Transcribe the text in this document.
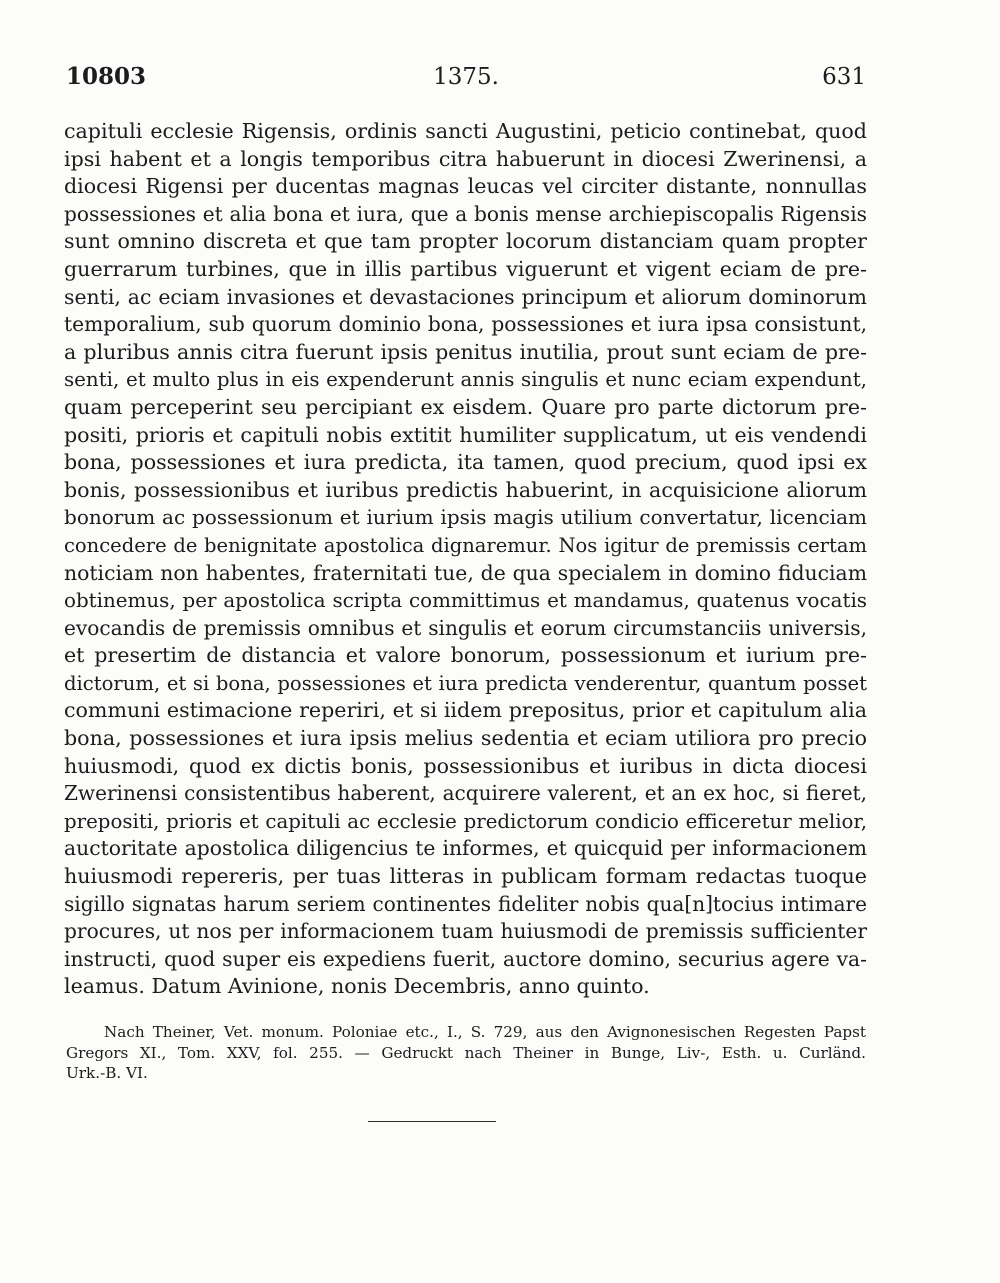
10803	1375.	631
capituli ecclesie Rigensis, ordinis sancti Augustini, peticio continebat, quod
ipsi habent et a longis temporibus citra habuerunt in diocesi Zwerinensi, a
diocesi Rigensi per ducentas magnas leucas vel circiter distante, nonnullas
possessiones et alia bona et iura, que a bonis mense archiepiscopalis Rigensis
sunt omnino discreta et que tam propter locorum distanciam quam propter
guerrarum turbines, que in illis partibus viguerunt et vigent eciam de pre-
senti, ac eciam invasiones et devastaciones principum et aliorum dominorum
temporalium, sub quorum dominio bona, possessiones et iura ipsa consistunt,
a pluribus annis citra fuerunt ipsis penitus inutilia, prout sunt eciam de pre-
senti, et multo plus in eis expenderunt annis singulis et nunc eciam expendunt,
quam perceperint seu percipiant ex eisdem. Quare pro parte dictorum pre-
positi, prioris et capituli nobis extitit humiliter supplicatum, ut eis vendendi
bona, possessiones et iura predicta, ita tamen, quod precium, quod ipsi ex
bonis, possessionibus et iuribus predictis habuerint, in acquisicione aliorum
bonorum ac possessionum et iurium ipsis magis utilium convertatur, licenciam
concedere de benignitate apostolica dignaremur. Nos igitur de premissis certam
noticiam non habentes, fraternitati tue, de qua specialem in domino fiduciam
obtinemus, per apostolica scripta committimus et mandamus, quatenus vocatis
evocandis de premissis omnibus et singulis et eorum circumstanciis universis,
et presertim de distancia et valore bonorum, possessionum et iurium pre-
dictorum, et si bona, possessiones et iura predicta venderentur, quantum posset
communi estimacione reperiri, et si iidem prepositus, prior et capitulum alia
bona, possessiones et iura ipsis melius sedentia et eciam utiliora pro precio
huiusmodi, quod ex dictis bonis, possessionibus et iuribus in dicta diocesi
Zwerinensi consistentibus haberent, acquirere valerent, et an ex hoc, si fieret,
prepositi, prioris et capituli ac ecclesie predictorum condicio efficeretur melior,
auctoritate apostolica diligencius te informes, et quicquid per informacionem
huiusmodi repereris, per tuas litteras in publicam formam redactas tuoque
sigillo signatas harum seriem continentes fideliter nobis qua[n]tocius intimare
procures, ut nos per informacionem tuam huiusmodi de premissis sufficienter
instructi, quod super eis expediens fuerit, auctore domino, securius agere va-
leamus. Datum Avinione, nonis Decembris, anno quinto.
Nach Theiner, Vet. monum. Poloniae etc., I., S. 729, aus den Avignonesischen Regesten Papst
Gregors XI., Tom. XXV, fol. 255. — Gedruckt nach Theiner in Bunge, Liv-, Esth. u. Curländ.
Urk.-B. VI.
